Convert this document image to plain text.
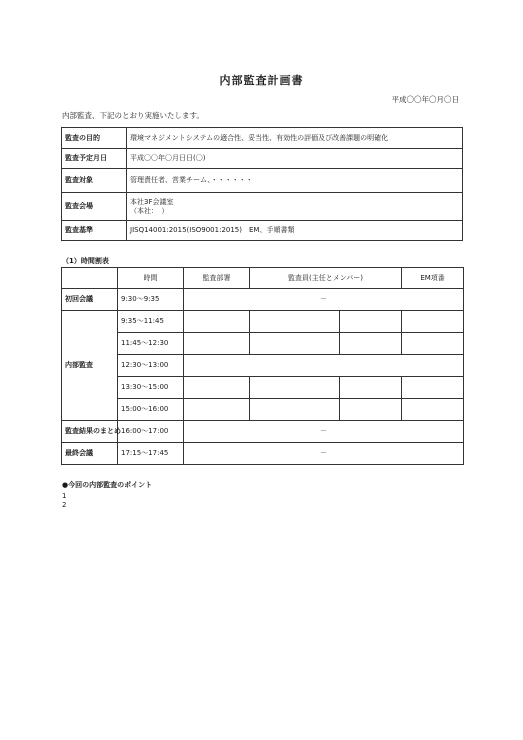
内部監査計画書
平成〇〇年〇月〇日
内部監査、下記のとおり実施いたします。
監査の目的	環境マネジメントシステムの適合性、妥当性、有効性の評価及び改善課題の明確化
監査予定月日	平成〇〇年〇月日日(〇)
監査対象	管理責任者、営業チーム、・・・・・・
監査会場	本社3F会議室
（本社：　）

監査基準	JISQ14001:2015(ISO9001:2015)　EM、手順書類
（1）時間割表
	時間	監査部署	監査員(主任とメンバー)		EM項番
初回会議	9:30～9:35	－			
内部監査	9:35～11:45				
	11:45～12:30				
	12:30～13:00				
	13:30～15:00				
	15:00～16:00				
監査結果のまとめ	16:00～17:00	－			
最終会議	17:15～17:45	－			
●今回の内部監査のポイント
1
2
